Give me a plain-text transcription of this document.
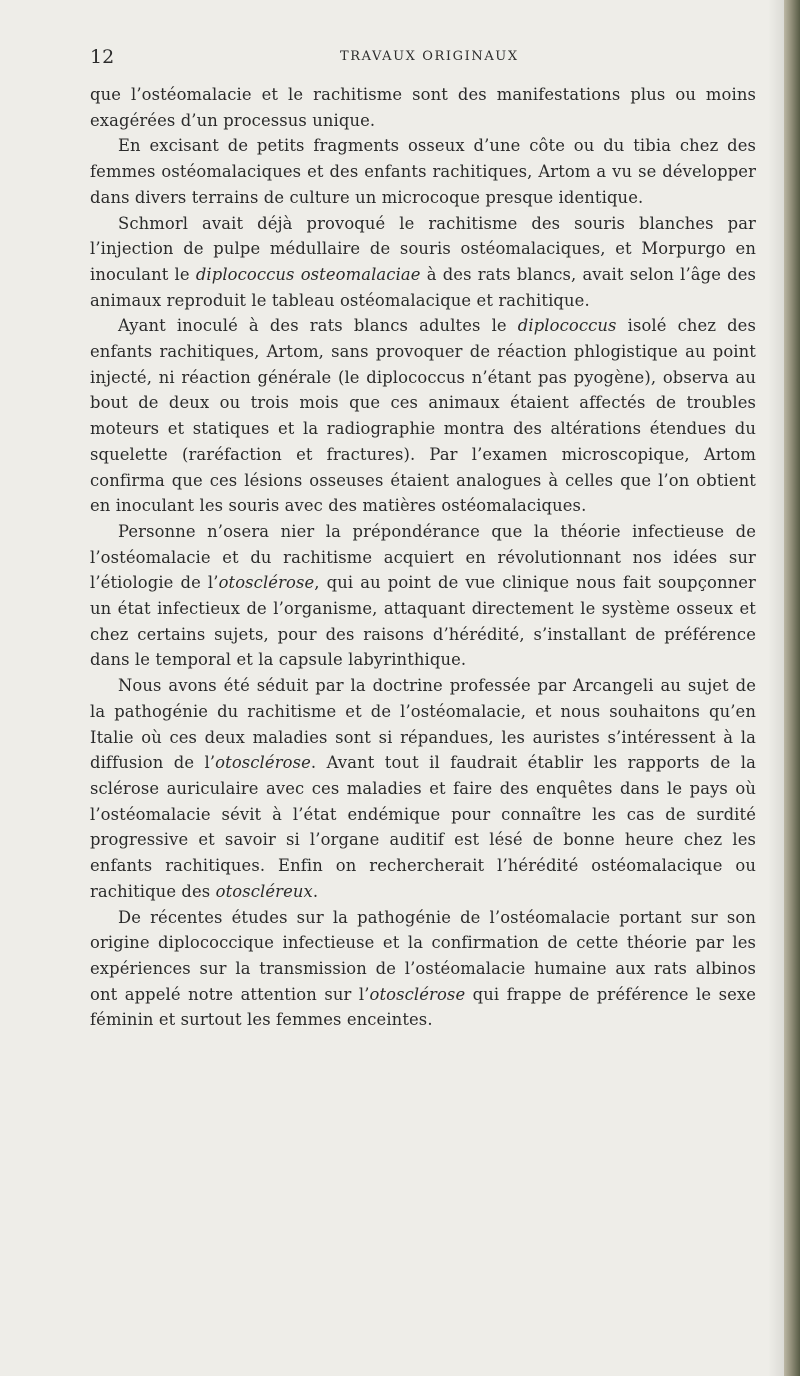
12	TRAVAUX ORIGINAUX

que l’ostéomalacie et le rachitisme sont des manifestations plus ou moins exagérées d’un processus unique.

En excisant de petits fragments osseux d’une côte ou du tibia chez des femmes ostéomalaciques et des enfants rachitiques, Artom a vu se développer dans divers terrains de culture un microcoque presque identique.

Schmorl avait déjà provoqué le rachitisme des souris blanches par l’injection de pulpe médullaire de souris ostéomalaciques, et Morpurgo en inoculant le diplococcus osteomalaciae à des rats blancs, avait selon l’âge des animaux reproduit le tableau ostéomalacique et rachitique.

Ayant inoculé à des rats blancs adultes le diplococcus isolé chez des enfants rachitiques, Artom, sans provoquer de réaction phlogistique au point injecté, ni réaction générale (le diplococcus n’étant pas pyogène), observa au bout de deux ou trois mois que ces animaux étaient affectés de troubles moteurs et statiques et la radiographie montra des altérations étendues du squelette (raréfaction et fractures). Par l’examen microscopique, Artom confirma que ces lésions osseuses étaient analogues à celles que l’on obtient en inoculant les souris avec des matières ostéomalaciques.

Personne n’osera nier la prépondérance que la théorie infectieuse de l’ostéomalacie et du rachitisme acquiert en révolutionnant nos idées sur l’étiologie de l’otosclérose, qui au point de vue clinique nous fait soupçonner un état infectieux de l’organisme, attaquant directement le système osseux et chez certains sujets, pour des raisons d’hérédité, s’installant de préférence dans le temporal et la capsule labyrinthique.

Nous avons été séduit par la doctrine professée par Arcangeli au sujet de la pathogénie du rachitisme et de l’ostéomalacie, et nous souhaitons qu’en Italie où ces deux maladies sont si répandues, les auristes s’intéressent à la diffusion de l’otosclérose. Avant tout il faudrait établir les rapports de la sclérose auriculaire avec ces maladies et faire des enquêtes dans le pays où l’ostéomalacie sévit à l’état endémique pour connaître les cas de surdité progressive et savoir si l’organe auditif est lésé de bonne heure chez les enfants rachitiques. Enfin on rechercherait l’hérédité ostéomalacique ou rachitique des otoscléreux.

De récentes études sur la pathogénie de l’ostéomalacie portant sur son origine diplococcique infectieuse et la confirmation de cette théorie par les expériences sur la transmission de l’ostéomalacie humaine aux rats albinos ont appelé notre attention sur l’otosclérose qui frappe de préférence le sexe féminin et surtout les femmes enceintes.
